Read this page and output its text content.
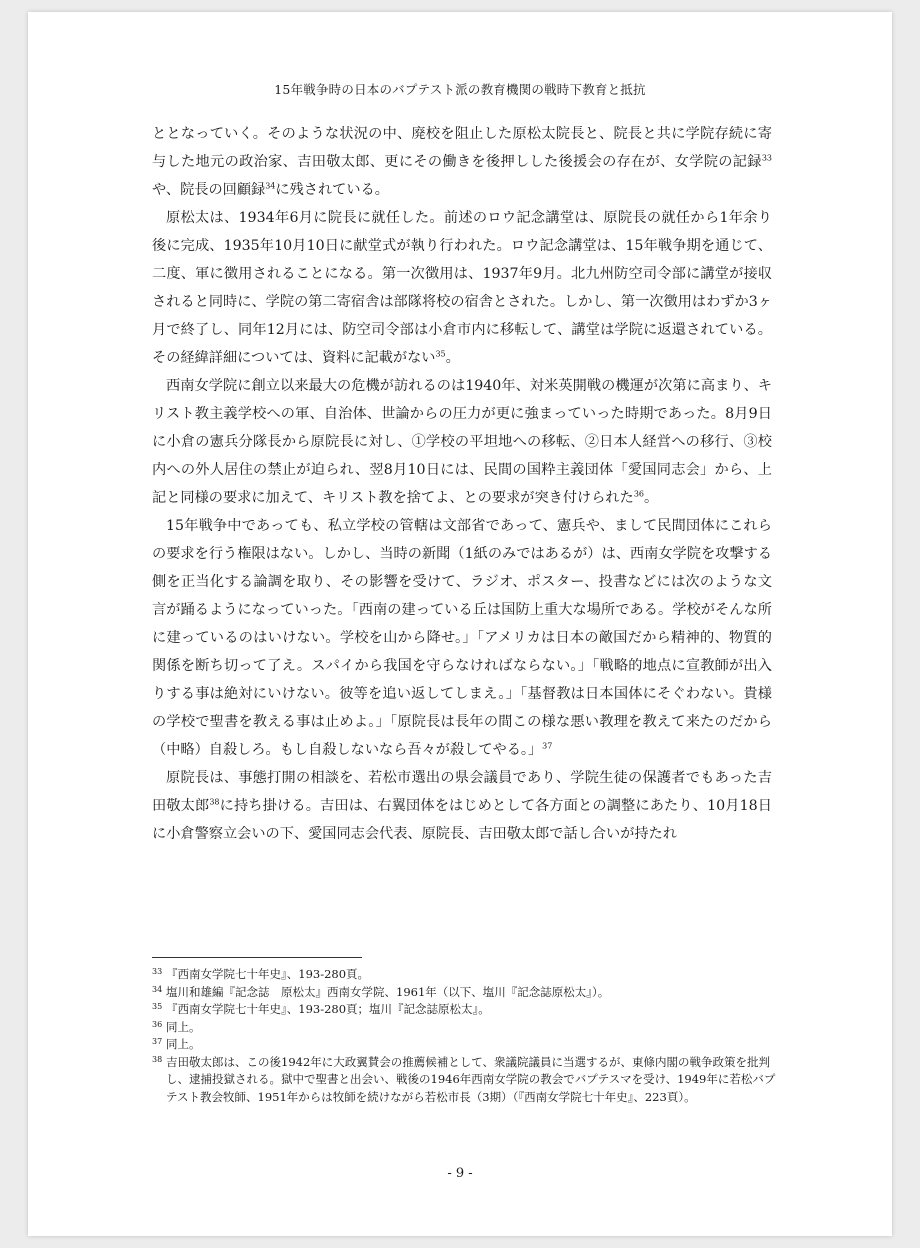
15年戦争時の日本のバプテスト派の教育機関の戦時下教育と抵抗

ととなっていく。そのような状況の中、廃校を阻止した原松太院長と、院長と共に学院存続に寄与した地元の政治家、吉田敬太郎、更にその働きを後押しした後援会の存在が、女学院の記録$^{33}$や、院長の回顧録$^{34}$に残されている。

原松太は、1934年6月に院長に就任した。前述のロウ記念講堂は、原院長の就任から1年余り後に完成、1935年10月10日に献堂式が執り行われた。ロウ記念講堂は、15年戦争期を通じて、二度、軍に徴用されることになる。第一次徴用は、1937年9月。北九州防空司令部に講堂が接収されると同時に、学院の第二寄宿舎は部隊将校の宿舎とされた。しかし、第一次徴用はわずか3ヶ月で終了し、同年12月には、防空司令部は小倉市内に移転して、講堂は学院に返還されている。その経緯詳細については、資料に記載がない$^{35}$。

西南女学院に創立以来最大の危機が訪れるのは1940年、対米英開戦の機運が次第に高まり、キリスト教主義学校への軍、自治体、世論からの圧力が更に強まっていった時期であった。8月9日に小倉の憲兵分隊長から原院長に対し、①学校の平坦地への移転、②日本人経営への移行、③校内への外人居住の禁止が迫られ、翌8月10日には、民間の国粋主義団体「愛国同志会」から、上記と同様の要求に加えて、キリスト教を捨てよ、との要求が突き付けられた$^{36}$。

15年戦争中であっても、私立学校の管轄は文部省であって、憲兵や、まして民間団体にこれらの要求を行う権限はない。しかし、当時の新聞（1紙のみではあるが）は、西南女学院を攻撃する側を正当化する論調を取り、その影響を受けて、ラジオ、ポスター、投書などには次のような文言が踊るようになっていった。「西南の建っている丘は国防上重大な場所である。学校がそんな所に建っているのはいけない。学校を山から降せ。」「アメリカは日本の敵国だから精神的、物質的関係を断ち切って了え。スパイから我国を守らなければならない。」「戦略的地点に宣教師が出入りする事は絶対にいけない。彼等を追い返してしまえ。」「基督教は日本国体にそぐわない。貴様の学校で聖書を教える事は止めよ。」「原院長は長年の間この様な悪い教理を教えて来たのだから（中略）自殺しろ。もし自殺しないなら吾々が殺してやる。」$^{37}$

原院長は、事態打開の相談を、若松市選出の県会議員であり、学院生徒の保護者でもあった吉田敬太郎$^{38}$に持ち掛ける。吉田は、右翼団体をはじめとして各方面との調整にあたり、10月18日に小倉警察立会いの下、愛国同志会代表、原院長、吉田敬太郎で話し合いが持たれ

33 『西南女学院七十年史』、193-280頁。
34 塩川和雄編『記念誌　原松太』西南女学院、1961年（以下、塩川『記念誌原松太』）。
35 『西南女学院七十年史』、193-280頁；塩川『記念誌原松太』。
36 同上。
37 同上。
38 吉田敬太郎は、この後1942年に大政翼賛会の推薦候補として、衆議院議員に当選するが、東條内閣の戦争政策を批判し、逮捕投獄される。獄中で聖書と出会い、戦後の1946年西南女学院の教会でバプテスマを受け、1949年に若松バプテスト教会牧師、1951年からは牧師を続けながら若松市長（3期）（『西南女学院七十年史』、223頁）。
- 9 -
